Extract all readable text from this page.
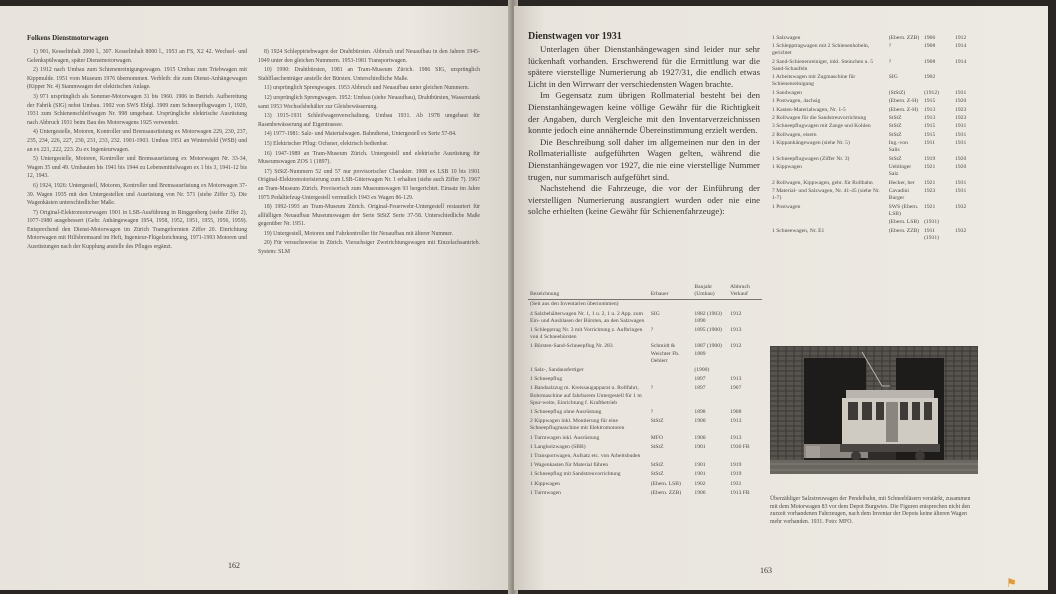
Folkens Dienstmotorwagen

1) 901, Kesselinhalt 2000 l., 307. Kesselinhalt 8000 l., 1953 an FS, X2 42. Wechsel- und Gelenkspülwagen, später Dienstmotorwagen.

2) 1912 nach Umbau zum Schienenreinigungswagen. 1915 Umbau zum Triebwagen mit Kippmulde. 1951 vom Museum 1976 übernommen. Verbleib: die zum Dienst-Anhängewagen (Kipper Nr. 4) Stammwagen der elektrischen Anlage.

3) 971 ursprünglich als Sommer-Motorwagen 31 bis 1960. 1906 in Betrieb. Aufbereitung der Fabrik (SIG) nebst Umbau. 1902 von SWS Ebfgl. 1909 zum Schneepflugwagen 1, 1920, 1931 zum Schienenschleifwagen Nr. 998 umgebaut. Ursprüngliche elektrische Ausrüstung nach Abbruch 1931 beim Bau des Motorwagens 1925 verwendet.

4) Untergestelle, Motoren, Kontroller und Bremsausrüstung ex Motorwagen 229, 230, 237, 235, 234, 226, 227, 230, 231, 233, 232. 1901-1903. Umbau 1951 an Wintersfeld (WSB) und an ex 221, 222, 223. Zu ex Ingenieurwagen.

5) Untergestelle, Motoren, Kontroller und Bremsausrüstung ex Motorwagen Nr. 33-34, Wagen 35 und 49. Umbauten bis 1941 bis 1944 zu Lebensmittelwagen ex 1 bis 3, 1941-12 bis 12, 1943.

6) 1924, 1926: Untergestell, Motoren, Kontroller und Bremsausrüstung ex Motorwagen 37-39. Wagen 1935 mit den Untergestellen und Ausrüstung von Nr. 571 (siehe Ziffer 3). Die Wagenkästen unterschiedlicher Maße.

7) Original-Elektromotorwagen 1901 in LSB-Ausführung in Ringgenberg (siehe Ziffer 2), 1977-1980 ausgebessert (Gebr. Anhängewagen 1954, 1958, 1952, 1951, 1955, 1956, 1959). Entsprechend den Dienst-Motorwagen im Zürich Tramgeformten Ziffer 20. Einrichtung Motorwagen mit Hilfsbremsand im Heft, Ingenieur-Flügelzeichnung, 1971-1993 Motoren und Ausrüstungen nach der Kupplung anstelle des Pfluges ergänzt.

8) 1924 Schlepptriebwagen der Drahtbürsten. Abbruch und Neuaufbau in den Jahren 1945-1949 unter den gleichen Nummern. 1953-1981 Transportwagen.

10) 1990: Drahtbürsten, 1981 an Tram-Museum Zürich. 1986 SIG, ursprünglich Stahlflaschenträger anstelle der Bürsten. Unterschiedliche Maße.

11) ursprünglich Sprengwagen. 1953 Abbruch und Neuaufbau unter gleichen Nummern.

12) ursprünglich Sprengwagen. 1952: Umbau (siehe Neuaufbau), Drahtbürsten, Wasserstank samt 1953 Wechselsbehälter zur Gleisbewässerung.

13) 1915-1931 Schleifwagenverschaltung. Umbau 1931. Ab 1978 umgebaut für Rasenbewässerung auf Eigentrassee.

14) 1977-1981: Salz- und Materialwagen. Bahndienst, Untergestell ex Serie 57-84.

15) Elektrischer Pflug: Ochsner, elektrisch bedienbar.

16) 1947-1989 an Tram-Museum Zürich. Untergestell und elektrische Ausrüstung für Museumswagen ZOS 1 (1897).

17) StStZ-Nummern 52 und 57 nur provisorischer Charakter. 1908 ex LSB 10 bis 1901 Original-Elektromotorisierung zum LSB-Güterwagen Nr. 1 erhalten (siehe auch Ziffer 7). 1967 an Tram-Museum Zürich. Provisorisch zum Museumswagen 93 hergerichtet. Einsatz im Jahre 1975 Pedaltiefzug-Untergestell vermutlich 1943 ex Wagen 86-129.

18) 1992-1993 an Tram-Museum Zürich. Original-Feuerwehr-Untergestell restauriert für allfälligen Neuaufbau Museumswagen der Serie StStZ Serie 37-58. Unterschiedliche Maße gegenüber Nr. 1951.

19) Untergestell, Motoren und Fahrkontroller für Neuaufbau mit älterer Nummer.

20) Für versuchsweise in Zürich. Vierachsiger Zweirichtungswagen mit Einzelachsantrieb. System: SLM

162
Dienstwagen vor 1931

Unterlagen über Dienstanhängewagen sind leider nur sehr lückenhaft vorhanden. Erschwerend für die Ermittlung war die spätere vierstellige Numerierung ab 1927/31, die endlich etwas Licht in den Wirrwarr der verschiedensten Wagen brachte.

Im Gegensatz zum übrigen Rollmaterial besteht bei den Dienstanhängewagen keine völlige Gewähr für die Richtigkeit der Angaben, durch Vergleiche mit den Inventarverzeichnissen konnte jedoch eine annähernde Übereinstimmung erzielt werden.

Die Beschreibung soll daher im allgemeinen nur den in der Rollmaterialliste aufgeführten Wagen gelten, während die Dienstanhängewagen vor 1927, die nie eine vierstellige Nummer trugen, nur summarisch aufgeführt sind.

Nachstehend die Fahrzeuge, die vor der Einführung der vierstelligen Numerierung ausrangiert wurden oder nie eine solche erhielten (keine Gewähr für Schienenfahrzeuge):

Bezeichnung	Erbauer	Baujahr (Umbau)	Abbruch Verkauf
(Seit aus den Inventarien übernommen)			
4 Salzbehälterwagen Nr. 1, 1 u. 2, 1 u. 2 App. zum Ein- und Ausblasen der Bürsten, an den Salzwagen	SIG	1882 (1903) 1890	1912
1 Schlepptrag Nr. 3 mit Vorrichtung z. Aufbringen von 4 Schneebürsten	?	1895 (1900)	1913
1 Bürsten-Sand-Schneepflug Nr. 283	Schmidt & Weichter Fb. Oehlerr	1887 (1900) 1889	1912
1 Salz-, Sandausfertiger		(1900)	
1 Schneepflug		1897	1913
1 Bandsalzzug m. Kreissaugapparat u. Rollfahrt, Bohrmaschine auf fahrbarem Untergestell für 1 m Spur-weite, Einrichtung f. Kraftbetrieb	?	1897	1907
1 Schneepflug ohne Ausrüstung	?	1898	1908
2 Kippwagen inkl. Montierung für eine Schneepflugmaschine mit Elektromotoren	StStZ	1900	1913
1 Turmwagen inkl. Ausrüstung	MFO	1900	1913
1 Langholzwagen (SBB)	StStZ	1901	1930 FB
1 Transportwagen, Aufsatz etc. von Arbeitsbuden			
1 Wagenkasten für Material führen	StStZ	1901	1919
1 Schneepflug mit Sandstreuvorrichtung	StStZ	1901	1919
1 Kippwagen	(Ebern. LSB)	1902	1931
1 Turmwagen	(Ebern. ZZB)	1906	1913 FB
1 Salzwagen	(Ebern. ZZB)	1906	1912
1 Schlepptragwagen mit 2 Schienenhobeln, gerichtet	?	1908	1914
2 Sand-Schienenreiniger, inkl. Steinchen u. 5 Sand-Schaufeln	?	1908	1914
1 Arbeitswagen mit Zugmaschine für Schienenreinigung	SIG	1902	
1 Sandwagen	(StStZ)	(1912)	1931
1 Postwagen, 4achsig	(Ebern. Z-H)	1915	1920
1 Kasten-Materialwagen, Nr. 1-5	(Ebern. Z-H)	1913	1923
2 Rollwagen für die Sandstreuvorrichtung	StStZ	1913	1923
3 Schneepflugwagen mit Zange und Kohlen	StStZ	1915	1931
2 Rollwagen, eisern	StStZ	1915	1931
1 Kippanhängewagen (siehe Nr. 5)	Ing.-von Salis	1911	1931
1 Schneepflugwagen (Ziffer Nr. 3)	StStZ	1919	1920
1 Kippwagen	Uehlinger Salz	1921	1920
2 Rollwagen, Kippwagen, gebr. für Rollbahn	Hecker, ber	1921	1931
7 Material- und Salzwagen, Nr. 41-45 (siehe Nr. 1-7)	Cavadini Burger	1923	1931
1 Postwagen	SWS (Ebern. LSB)	1921	1932
	(Ebern. LSB)	(1931)	
1 Schneewagen, Nr. E1	(Ebern. ZZB)	1911 (1931)	1932
Überzähliger Salzstreuwagen der Pendelbahn, mit Schneebläsern verstärkt, zusammen mit dem Motorwagen 83 vor dem Depot Burgwies. Die Figuren entsprechen nicht den zurzeit vorhandenen Fahrzeugen, nach dem Inventar der Depots keine älteren Wagen mehr vorhanden. 1931. Foto: MFO.
163
⚑
